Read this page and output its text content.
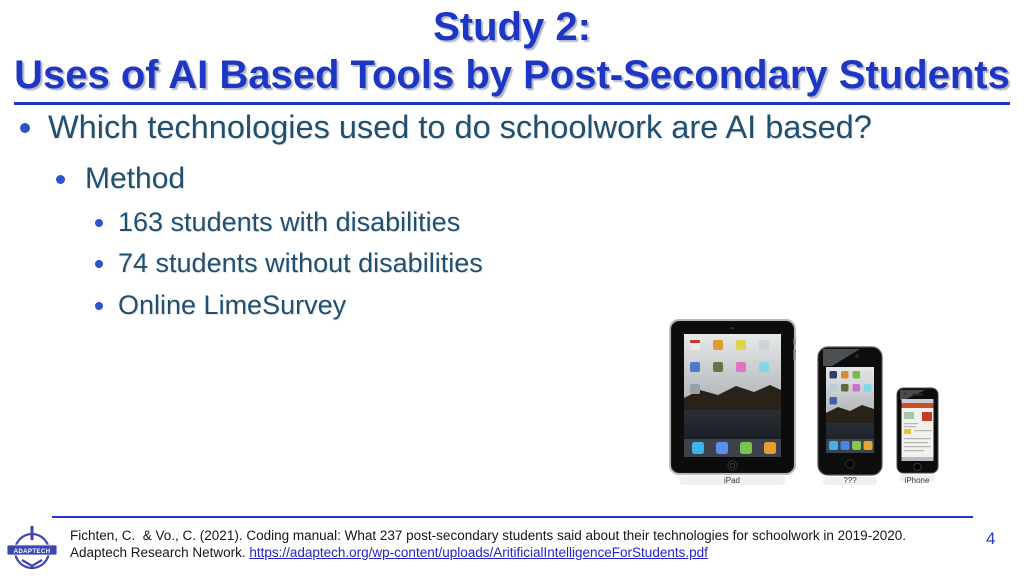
Study 2:
Uses of AI Based Tools by Post-Secondary Students
Which technologies used to do schoolwork are AI based?
Method
163 students with disabilities
74 students without disabilities
Online LimeSurvey
iPad	???	iPhone
ADAPTECH

Fichten, C.  & Vo., C. (2021). Coding manual: What 237 post-secondary students said about their technologies for schoolwork in 2019-2020. Adaptech Research Network. https://adaptech.org/wp-content/uploads/AritificialIntelligenceForStudents.pdf

4
